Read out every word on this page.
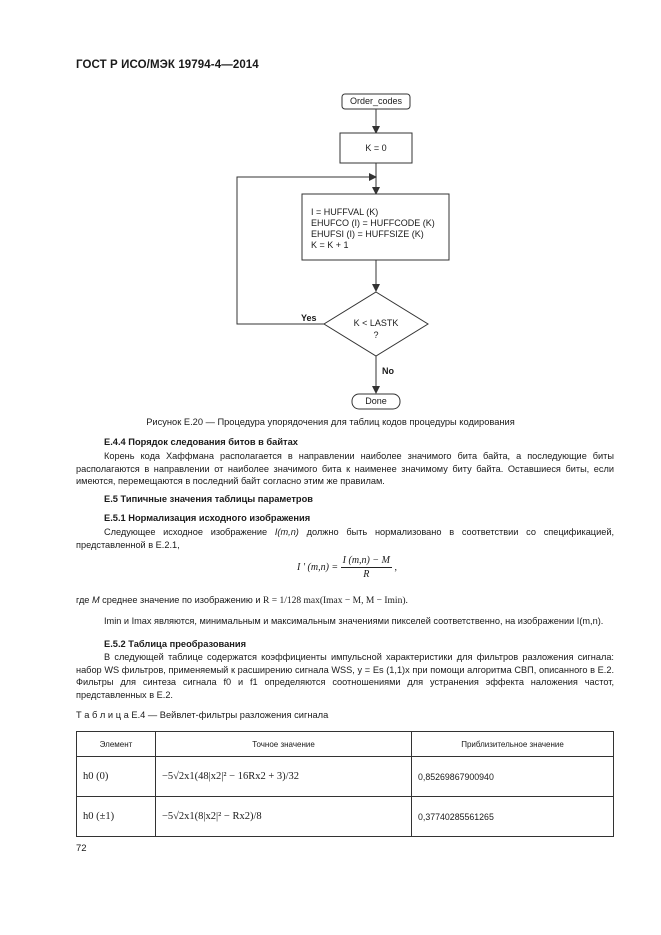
ГОСТ Р ИСО/МЭК 19794-4—2014
Order_codes
K = 0
I = HUFFVAL (K)
EHUFCO (I) = HUFFCODE (K)
EHUFSI (I) = HUFFSIZE (K)
K = K + 1
K < LASTK
?
Yes
No
Done
Рисунок E.20 — Процедура упорядочения для таблиц кодов процедуры кодирования
E.4.4 Порядок следования битов в байтах
Корень кода Хаффмана располагается в направлении наиболее значимого бита байта, а последующие биты располагаются в направлении от наиболее значимого бита к наименее значимому биту байта. Оставшиеся биты, если имеются, перемещаются в последний байт согласно этим же правилам.
E.5 Типичные значения таблицы параметров
E.5.1 Нормализация исходного изображения
Следующее исходное изображение I(m,n) должно быть нормализовано в соответствии со спецификацией, представленной в E.2.1,
I ′ $(m,n) = \frac{I (m,n) - M}{R}$ ,
где M среднее значение по изображению и R = 1/128 max(Imax − M, M − Imin).
Imin и Imax являются, минимальным и максимальным значениями пикселей соответственно, на изображении I(m,n).
E.5.2 Таблица преобразования
В следующей таблице содержатся коэффициенты импульсной характеристики для фильтров разложения сигнала: набор WS фильтров, применяемый к расширению сигнала WSS, y = Es (1,1)x при помощи алгоритма СВП, описанного в E.2. Фильтры для синтеза сигнала f0 и f1 определяются соотношениями для устранения эффекта наложения частот, представленных в E.2.
Т а б л и ц а E.4 — Вейвлет-фильтры разложения сигнала
Элемент	Точное значение	Приблизительное значение
h0 (0)	−5√2x1(48|x2|² − 16Rx2 + 3)/32	0,85269867900940
h0 (±1)	−5√2x1(8|x2|² − Rx2)/8	0,37740285561265
72
